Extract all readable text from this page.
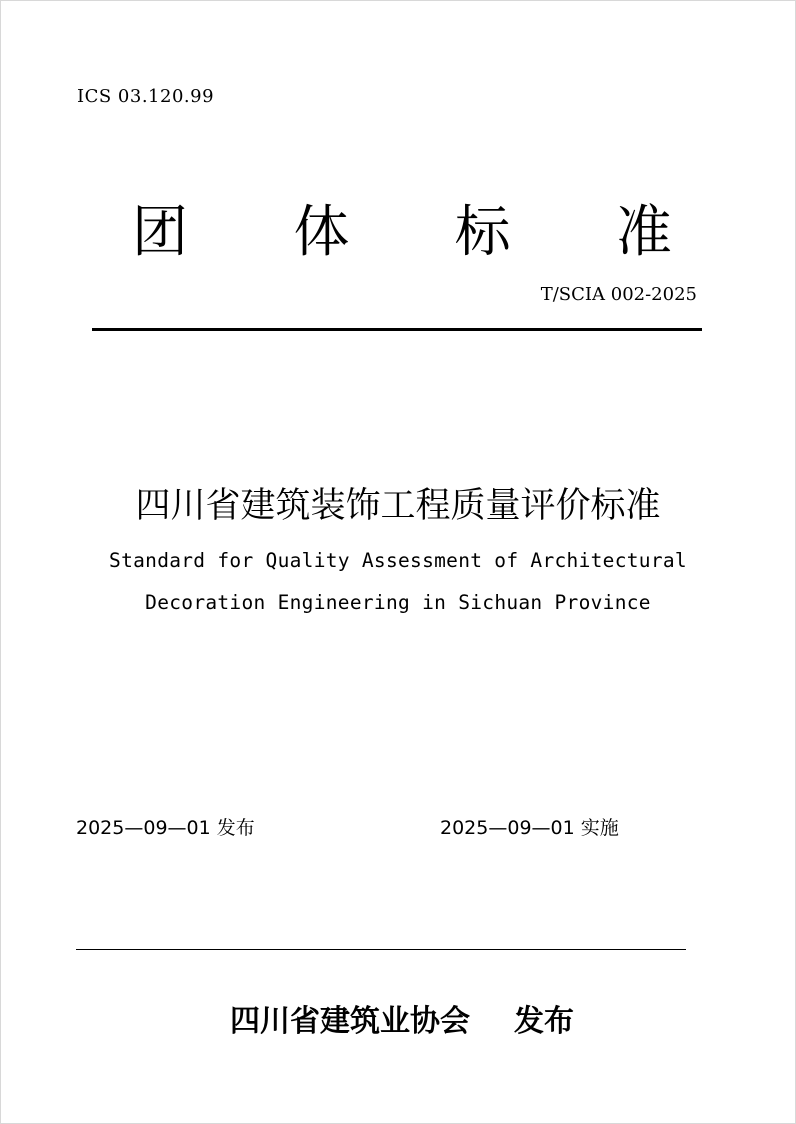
ICS 03.120.99
团 体 标 准
T/SCIA 002-2025
四川省建筑装饰工程质量评价标准
Standard for Quality Assessment of Architectural
Decoration Engineering in Sichuan Province
2025—09—01 发布	2025—09—01 实施
四川省建筑业协会 发布
